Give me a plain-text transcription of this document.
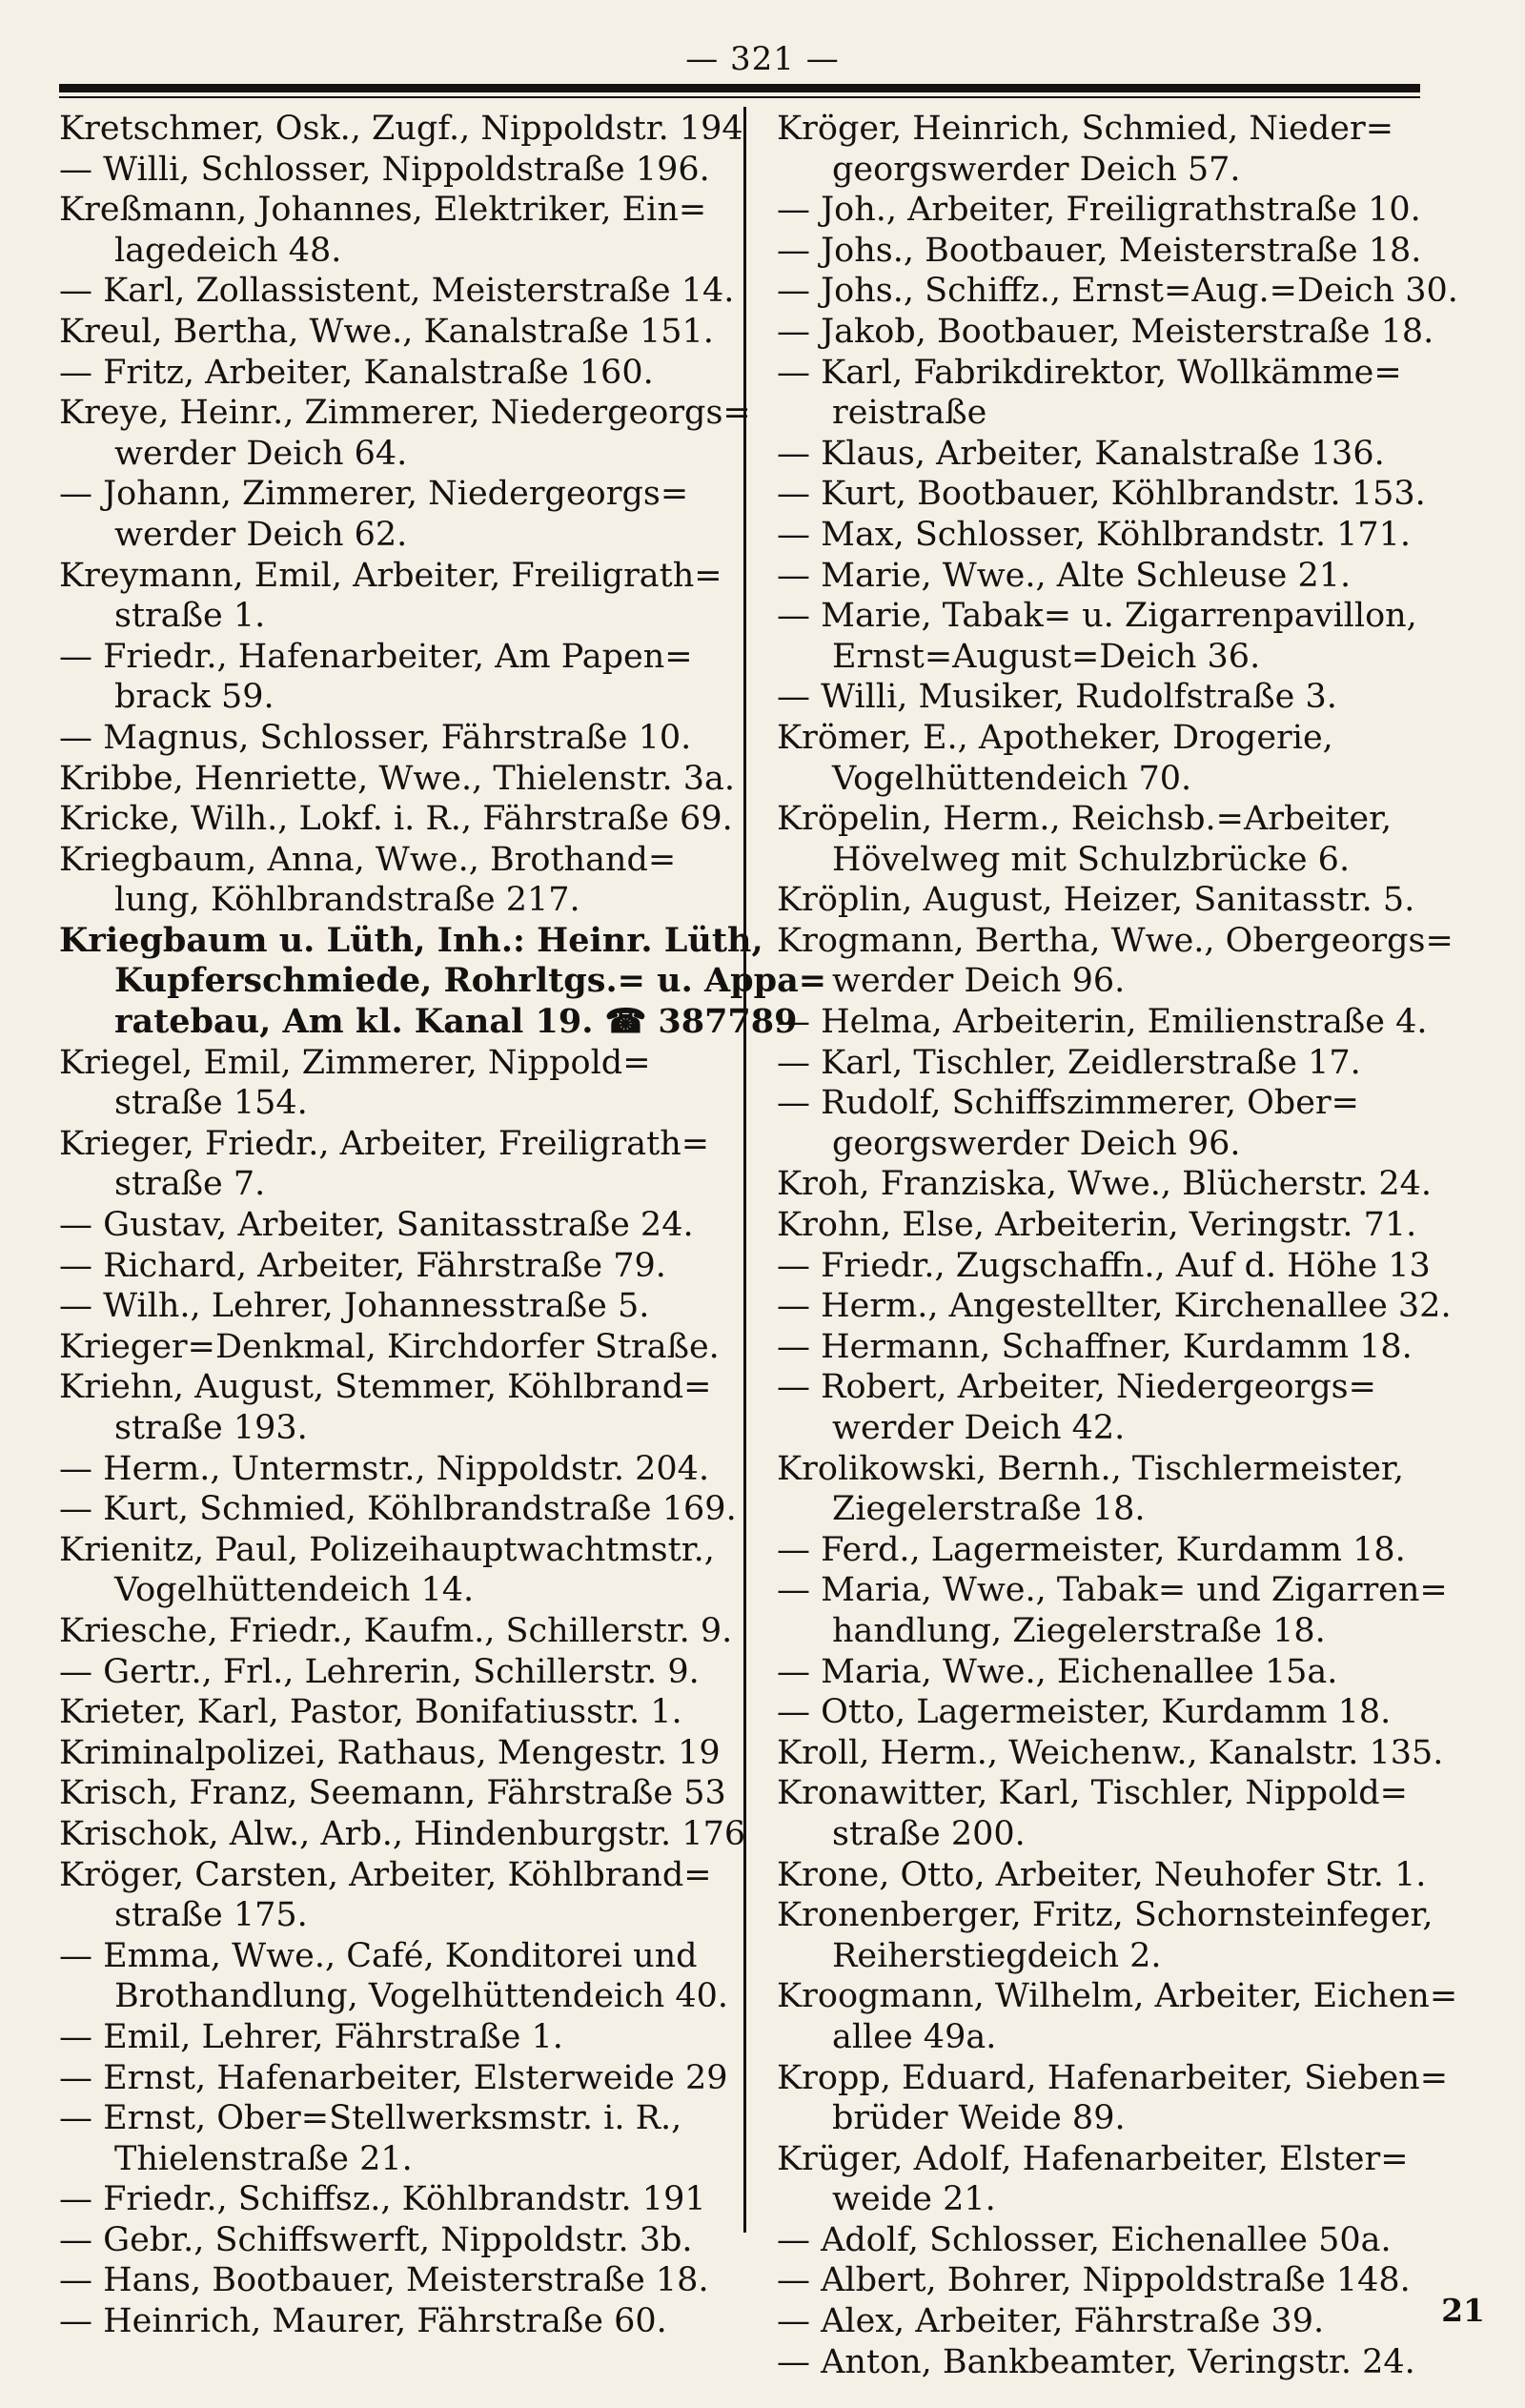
— 321 —
Kretschmer, Osk., Zugf., Nippoldstr. 194
— Willi, Schlosser, Nippoldstraße 196.
Kreßmann, Johannes, Elektriker, Ein=
lagedeich 48.
— Karl, Zollassistent, Meisterstraße 14.
Kreul, Bertha, Wwe., Kanalstraße 151.
— Fritz, Arbeiter, Kanalstraße 160.
Kreye, Heinr., Zimmerer, Niedergeorgs=
werder Deich 64.
— Johann, Zimmerer, Niedergeorgs=
werder Deich 62.
Kreymann, Emil, Arbeiter, Freiligrath=
straße 1.
— Friedr., Hafenarbeiter, Am Papen=
brack 59.
— Magnus, Schlosser, Fährstraße 10.
Kribbe, Henriette, Wwe., Thielenstr. 3a.
Kricke, Wilh., Lokf. i. R., Fährstraße 69.
Kriegbaum, Anna, Wwe., Brothand=
lung, Köhlbrandstraße 217.
Kriegbaum u. Lüth, Inh.: Heinr. Lüth,
Kupferschmiede, Rohrltgs.= u. Appa=
ratebau, Am kl. Kanal 19. ☎ 387789
Kriegel, Emil, Zimmerer, Nippold=
straße 154.
Krieger, Friedr., Arbeiter, Freiligrath=
straße 7.
— Gustav, Arbeiter, Sanitasstraße 24.
— Richard, Arbeiter, Fährstraße 79.
— Wilh., Lehrer, Johannesstraße 5.
Krieger=Denkmal, Kirchdorfer Straße.
Kriehn, August, Stemmer, Köhlbrand=
straße 193.
— Herm., Untermstr., Nippoldstr. 204.
— Kurt, Schmied, Köhlbrandstraße 169.
Krienitz, Paul, Polizeihauptwachtmstr.,
Vogelhüttendeich 14.
Kriesche, Friedr., Kaufm., Schillerstr. 9.
— Gertr., Frl., Lehrerin, Schillerstr. 9.
Krieter, Karl, Pastor, Bonifatiusstr. 1.
Kriminalpolizei, Rathaus, Mengestr. 19
Krisch, Franz, Seemann, Fährstraße 53
Krischok, Alw., Arb., Hindenburgstr. 176
Kröger, Carsten, Arbeiter, Köhlbrand=
straße 175.
— Emma, Wwe., Café, Konditorei und
Brothandlung, Vogelhüttendeich 40.
— Emil, Lehrer, Fährstraße 1.
— Ernst, Hafenarbeiter, Elsterweide 29
— Ernst, Ober=Stellwerksmstr. i. R.,
Thielenstraße 21.
— Friedr., Schiffsz., Köhlbrandstr. 191
— Gebr., Schiffswerft, Nippoldstr. 3b.
— Hans, Bootbauer, Meisterstraße 18.
— Heinrich, Maurer, Fährstraße 60.
Kröger, Heinrich, Schmied, Nieder=
georgswerder Deich 57.
— Joh., Arbeiter, Freiligrathstraße 10.
— Johs., Bootbauer, Meisterstraße 18.
— Johs., Schiffz., Ernst=Aug.=Deich 30.
— Jakob, Bootbauer, Meisterstraße 18.
— Karl, Fabrikdirektor, Wollkämme=
reistraße
— Klaus, Arbeiter, Kanalstraße 136.
— Kurt, Bootbauer, Köhlbrandstr. 153.
— Max, Schlosser, Köhlbrandstr. 171.
— Marie, Wwe., Alte Schleuse 21.
— Marie, Tabak= u. Zigarrenpavillon,
Ernst=August=Deich 36.
— Willi, Musiker, Rudolfstraße 3.
Krömer, E., Apotheker, Drogerie,
Vogelhüttendeich 70.
Kröpelin, Herm., Reichsb.=Arbeiter,
Hövelweg mit Schulzbrücke 6.
Kröplin, August, Heizer, Sanitasstr. 5.
Krogmann, Bertha, Wwe., Obergeorgs=
werder Deich 96.
— Helma, Arbeiterin, Emilienstraße 4.
— Karl, Tischler, Zeidlerstraße 17.
— Rudolf, Schiffszimmerer, Ober=
georgswerder Deich 96.
Kroh, Franziska, Wwe., Blücherstr. 24.
Krohn, Else, Arbeiterin, Veringstr. 71.
— Friedr., Zugschaffn., Auf d. Höhe 13
— Herm., Angestellter, Kirchenallee 32.
— Hermann, Schaffner, Kurdamm 18.
— Robert, Arbeiter, Niedergeorgs=
werder Deich 42.
Krolikowski, Bernh., Tischlermeister,
Ziegelerstraße 18.
— Ferd., Lagermeister, Kurdamm 18.
— Maria, Wwe., Tabak= und Zigarren=
handlung, Ziegelerstraße 18.
— Maria, Wwe., Eichenallee 15a.
— Otto, Lagermeister, Kurdamm 18.
Kroll, Herm., Weichenw., Kanalstr. 135.
Kronawitter, Karl, Tischler, Nippold=
straße 200.
Krone, Otto, Arbeiter, Neuhofer Str. 1.
Kronenberger, Fritz, Schornsteinfeger,
Reiherstiegdeich 2.
Kroogmann, Wilhelm, Arbeiter, Eichen=
allee 49a.
Kropp, Eduard, Hafenarbeiter, Sieben=
brüder Weide 89.
Krüger, Adolf, Hafenarbeiter, Elster=
weide 21.
— Adolf, Schlosser, Eichenallee 50a.
— Albert, Bohrer, Nippoldstraße 148.
— Alex, Arbeiter, Fährstraße 39.
— Anton, Bankbeamter, Veringstr. 24.
21
